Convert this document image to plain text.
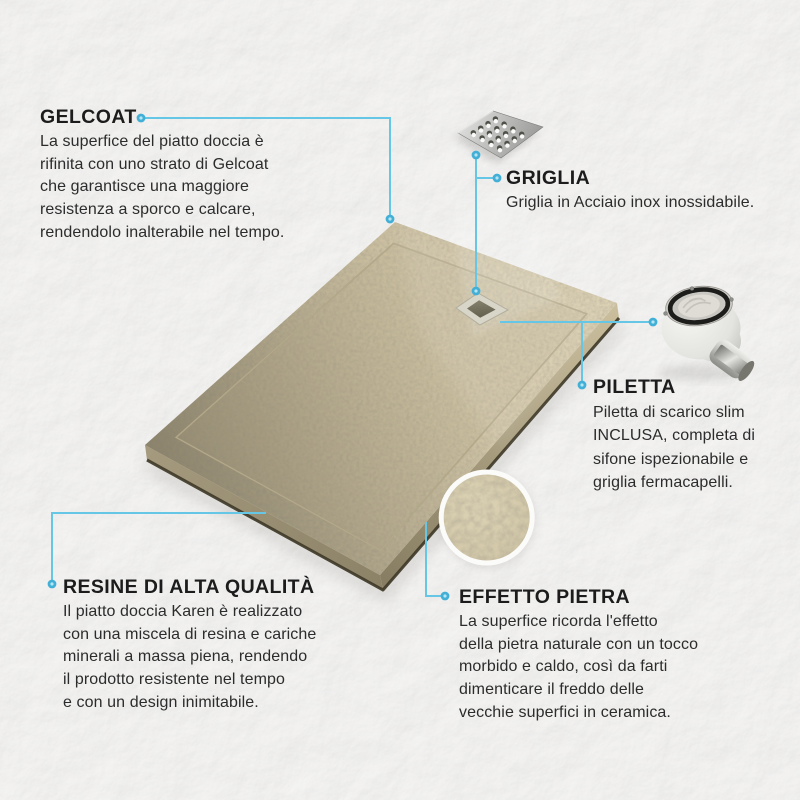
GELCOAT
La superfice del piatto doccia è
rifinita con uno strato di Gelcoat
che garantisce una maggiore
resistenza a sporco e calcare,
rendendolo inalterabile nel tempo.
GRIGLIA
Griglia in Acciaio inox inossidabile.
PILETTA
Piletta di scarico slim
INCLUSA, completa di
sifone ispezionabile e
griglia fermacapelli.
RESINE DI ALTA QUALITÀ
Il piatto doccia Karen è realizzato
con una miscela di resina e cariche
minerali a massa piena, rendendo
il prodotto resistente nel tempo
e con un design inimitabile.
EFFETTO PIETRA
La superfice ricorda l'effetto
della pietra naturale con un tocco
morbido e caldo, così da farti
dimenticare il freddo delle
vecchie superfici in ceramica.
